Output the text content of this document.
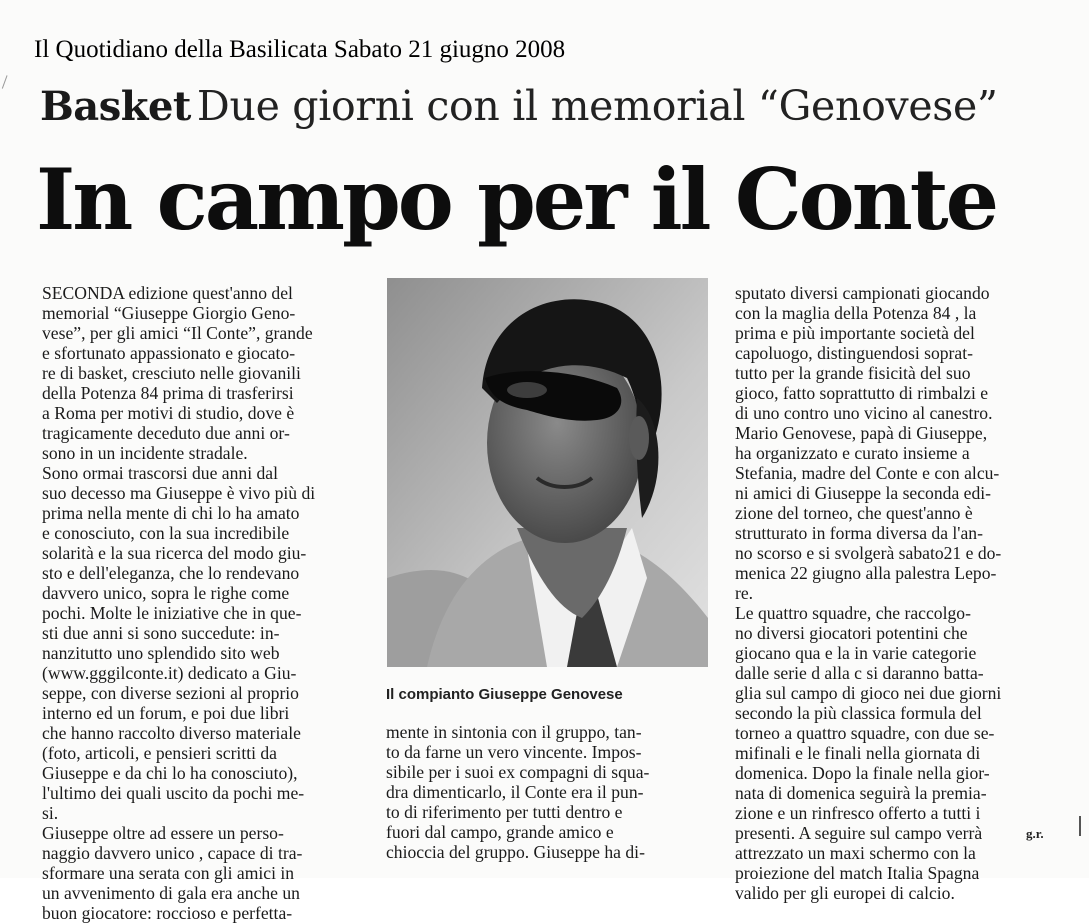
Il Quotidiano della Basilicata Sabato 21 giugno 2008
Basket Due giorni con il memorial “Genovese”
In campo per il Conte
SECONDA edizione quest'anno del
memorial “Giuseppe Giorgio Geno-
vese”, per gli amici “Il Conte”, grande
e sfortunato appassionato e giocato-
re di basket, cresciuto nelle giovanili
della Potenza 84 prima di trasferirsi
a Roma per motivi di studio, dove è
tragicamente deceduto due anni or-
sono in un incidente stradale.
Sono ormai trascorsi due anni dal
suo decesso ma Giuseppe è vivo più di
prima nella mente di chi lo ha amato
e conosciuto, con la sua incredibile
solarità e la sua ricerca del modo giu-
sto e dell'eleganza, che lo rendevano
davvero unico, sopra le righe come
pochi. Molte le iniziative che in que-
sti due anni si sono succedute: in-
nanzitutto uno splendido sito web
(www.gggilconte.it) dedicato a Giu-
seppe, con diverse sezioni al proprio
interno ed un forum, e poi due libri
che hanno raccolto diverso materiale
(foto, articoli, e pensieri scritti da
Giuseppe e da chi lo ha conosciuto),
l'ultimo dei quali uscito da pochi me-
si.
Giuseppe oltre ad essere un perso-
naggio davvero unico , capace di tra-
sformare una serata con gli amici in
un avvenimento di gala era anche un
buon giocatore: roccioso e perfetta-
Il compianto Giuseppe Genovese
mente in sintonia con il gruppo, tan-
to da farne un vero vincente. Impos-
sibile per i suoi ex compagni di squa-
dra dimenticarlo, il Conte era il pun-
to di riferimento per tutti dentro e
fuori dal campo, grande amico e
chioccia del gruppo. Giuseppe ha di-
sputato diversi campionati giocando
con la maglia della Potenza 84 , la
prima e più importante società del
capoluogo, distinguendosi soprat-
tutto per la grande fisicità del suo
gioco, fatto soprattutto di rimbalzi e
di uno contro uno vicino al canestro.
Mario Genovese, papà di Giuseppe,
ha organizzato e curato insieme a
Stefania, madre del Conte e con alcu-
ni amici di Giuseppe la seconda edi-
zione del torneo, che quest'anno è
strutturato in forma diversa da l'an-
no scorso e si svolgerà sabato21 e do-
menica 22 giugno alla palestra Lepo-
re.
Le quattro squadre, che raccolgo-
no diversi giocatori potentini che
giocano qua e la in varie categorie
dalle serie d alla c si daranno batta-
glia sul campo di gioco nei due giorni
secondo la più classica formula del
torneo a quattro squadre, con due se-
mifinali e le finali nella giornata di
domenica. Dopo la finale nella gior-
nata di domenica seguirà la premia-
zione e un rinfresco offerto a tutti i
presenti. A seguire sul campo verrà
attrezzato un maxi schermo con la
proiezione del match Italia Spagna
valido per gli europei di calcio.
g.r.
